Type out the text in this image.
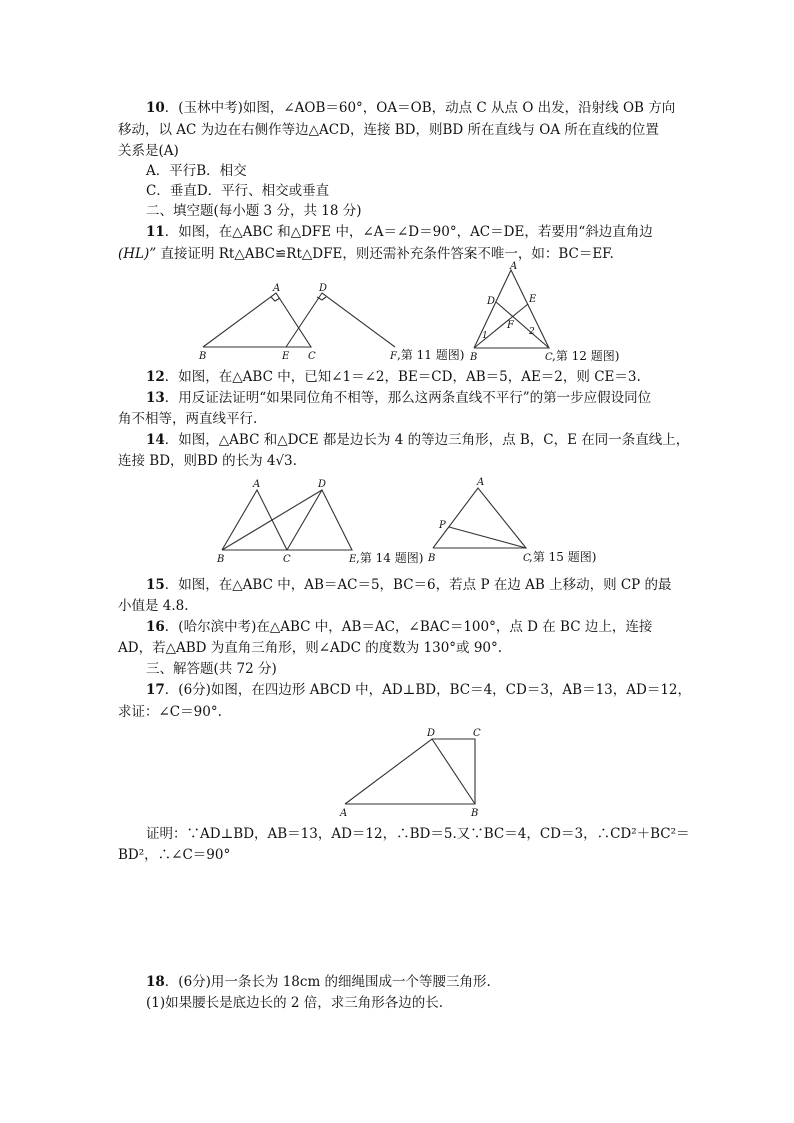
10．(玉林中考)如图，∠AOB＝60°，OA＝OB，动点 C 从点 O 出发，沿射线 OB 方向
移动，以 AC 为边在右侧作等边△ACD，连接 BD，则BD 所在直线与 OA 所在直线的位置
关系是(A)
A．平行B．相交
C．垂直D．平行、相交或垂直
二、填空题(每小题 3 分，共 18 分)
11．如图，在△ABC 和△DFE 中，∠A＝∠D＝90°，AC＝DE，若要用“斜边直角边
(HL)” 直接证明 Rt△ABC≌Rt△DFE，则还需补充条件答案不唯一，如：BC＝EF.
A	D
B	E C	F ,第 11 题图)
A
D	E
F
1	2
B	C ,第 12 题图)
12．如图，在△ABC 中，已知∠1＝∠2，BE＝CD，AB＝5，AE＝2，则 CE＝3.
13．用反证法证明“如果同位角不相等，那么这两条直线不平行”的第一步应假设同位
角不相等，两直线平行.
14．如图，△ABC 和△DCE 都是边长为 4 的等边三角形，点 B，C，E 在同一条直线上，
连接 BD，则BD 的长为 4√3.
A	D
B	C	E ,第 14 题图)
A
P
B	C
,第 15 题图)
15．如图，在△ABC 中，AB＝AC＝5，BC＝6，若点 P 在边 AB 上移动，则 CP 的最
小值是 4.8.
16．(哈尔滨中考)在△ABC 中，AB＝AC，∠BAC＝100°，点 D 在 BC 边上，连接
AD，若△ABD 为直角三角形，则∠ADC 的度数为 130°或 90°.
三、解答题(共 72 分)
17．(6分)如图，在四边形 ABCD 中，AD⊥BD，BC＝4，CD＝3，AB＝13，AD＝12，
求证：∠C＝90°.
D	C
A	B
证明：∵AD⊥BD，AB＝13，AD＝12，∴BD＝5.又∵BC＝4，CD＝3，∴CD²＋BC²＝
BD²，∴∠C＝90°
18．(6分)用一条长为 18cm 的细绳围成一个等腰三角形.
(1)如果腰长是底边长的 2 倍，求三角形各边的长.
